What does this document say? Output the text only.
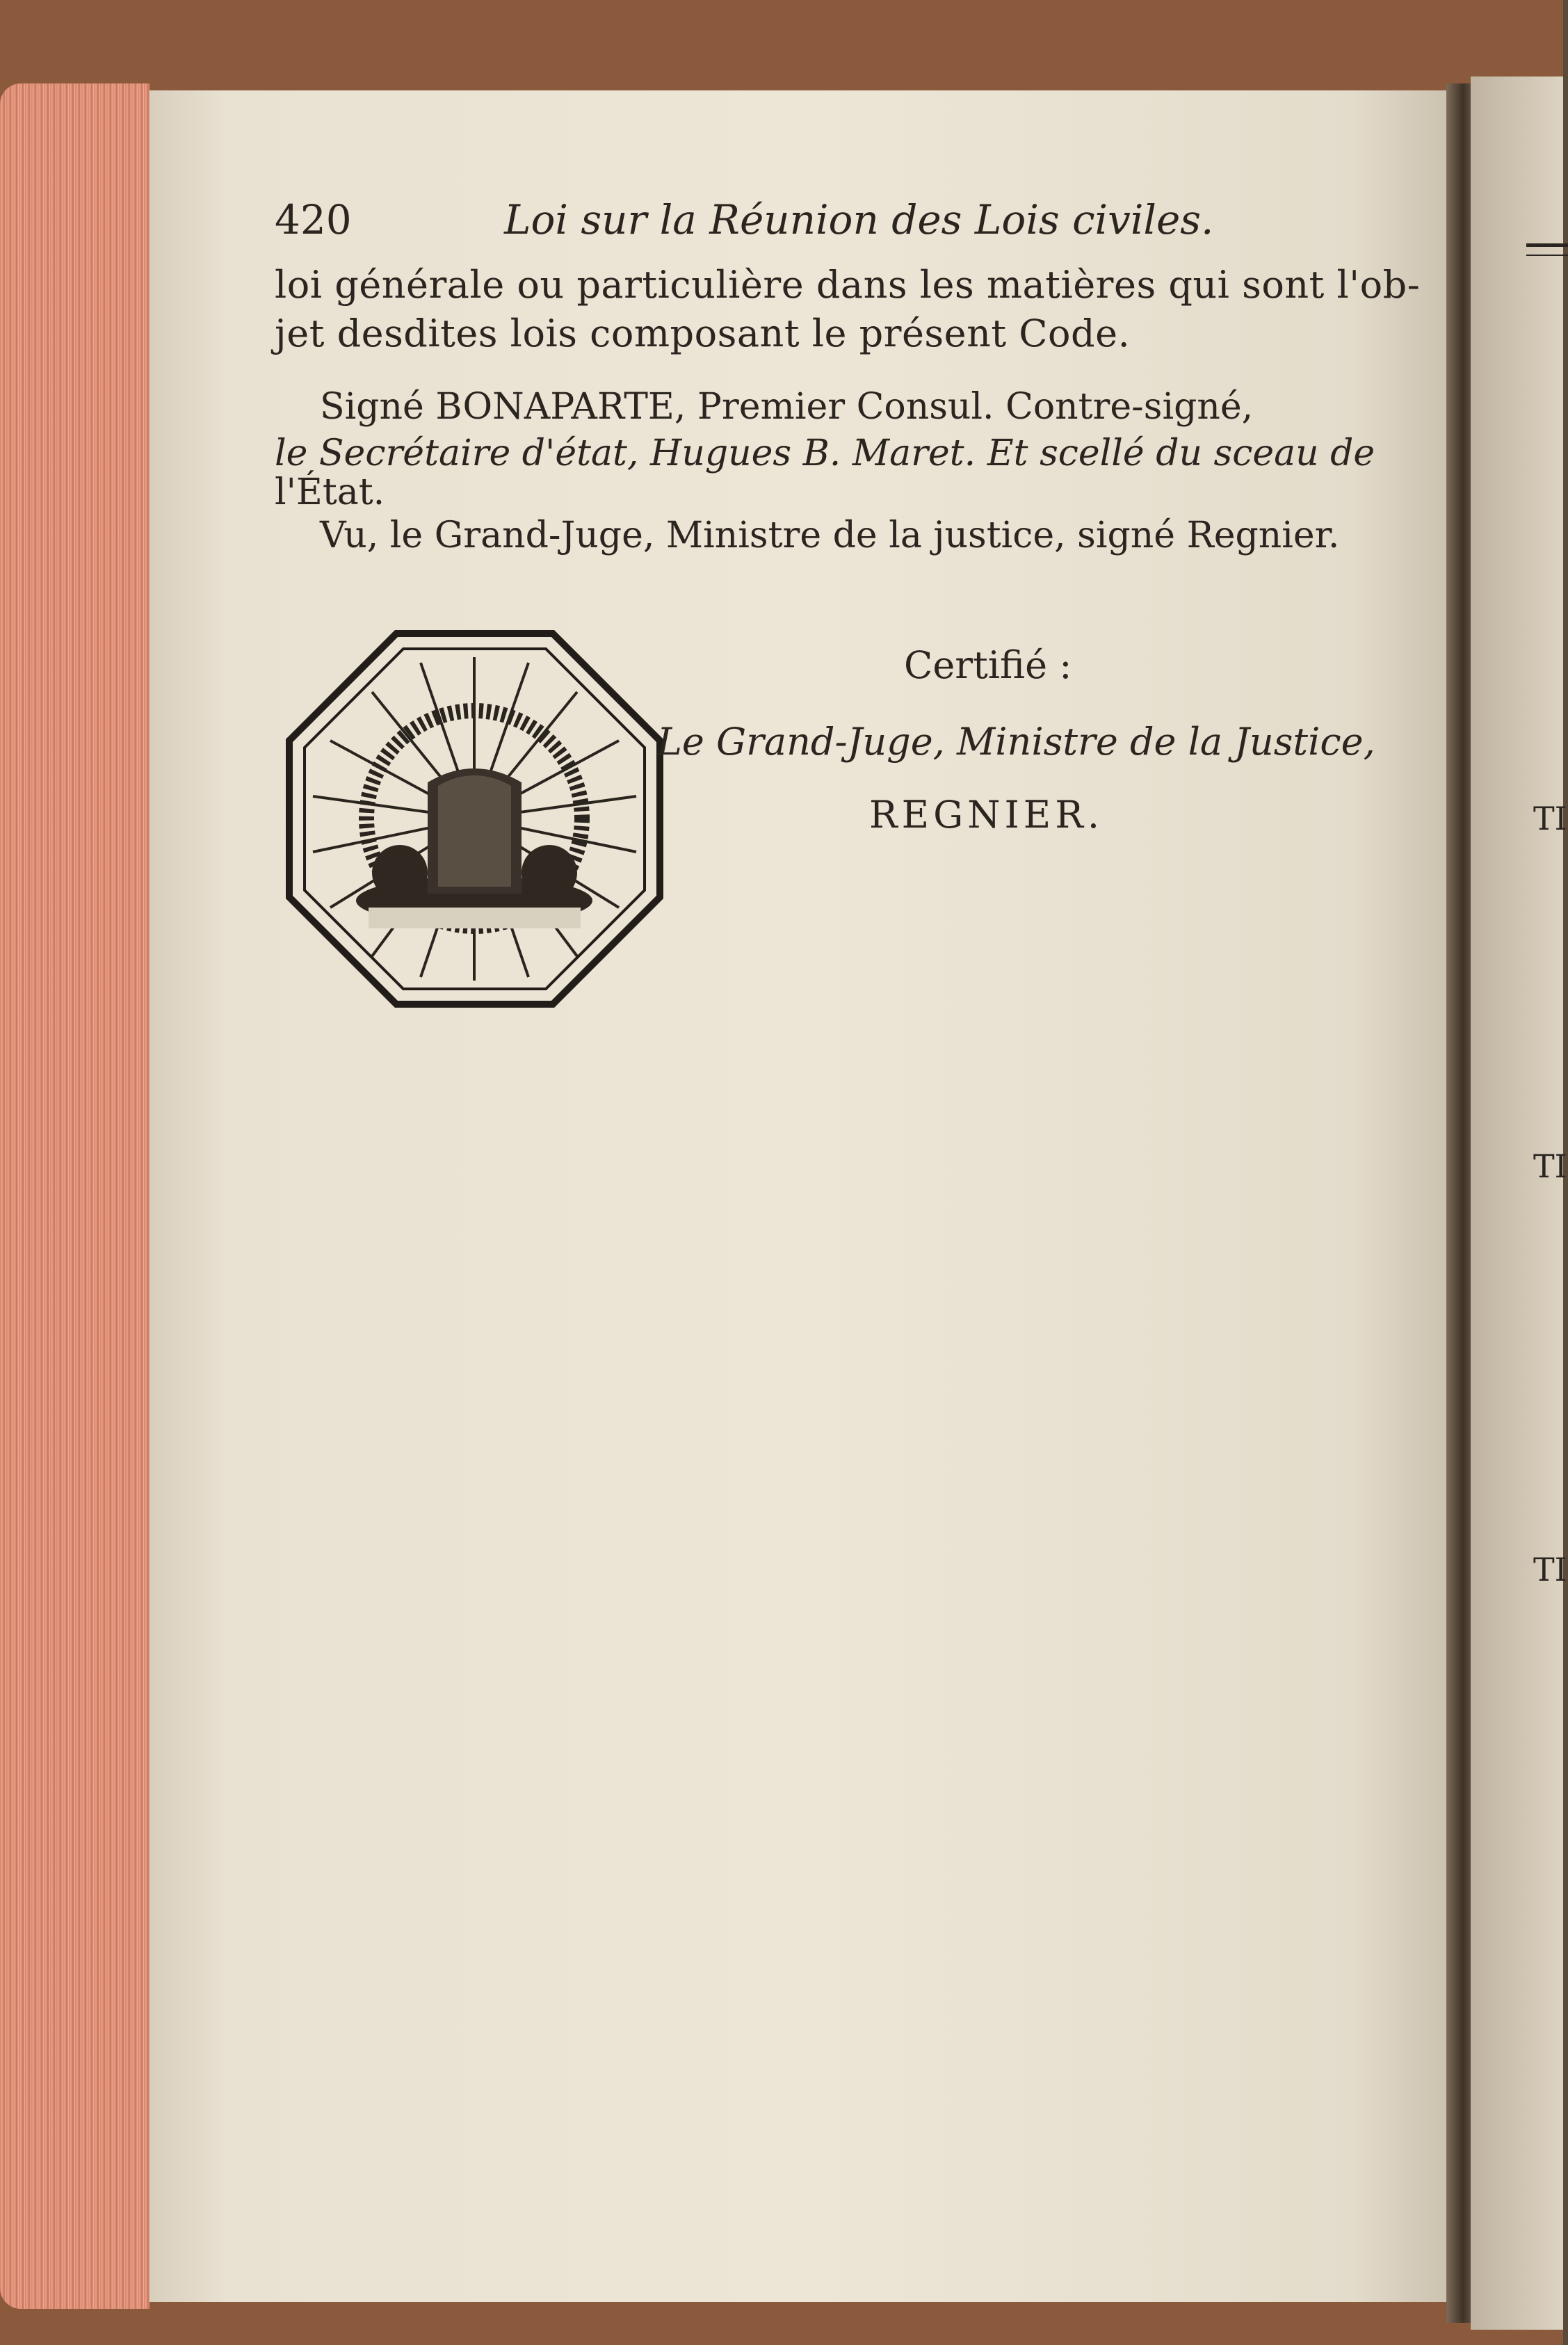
TI
TI
TI
420	Loi sur la Réunion des Lois civiles.
loi générale ou particulière dans les matières qui sont l'ob-
jet desdites lois composant le présent Code.
Signé BONAPARTE, Premier Consul. Contre-signé,
le Secrétaire d'état, Hugues B. Maret. Et scellé du sceau de
l'État.
Vu, le Grand-Juge, Ministre de la justice, signé Regnier.
Certifié :
Le Grand-Juge, Ministre de la Justice,
REGNIER.
